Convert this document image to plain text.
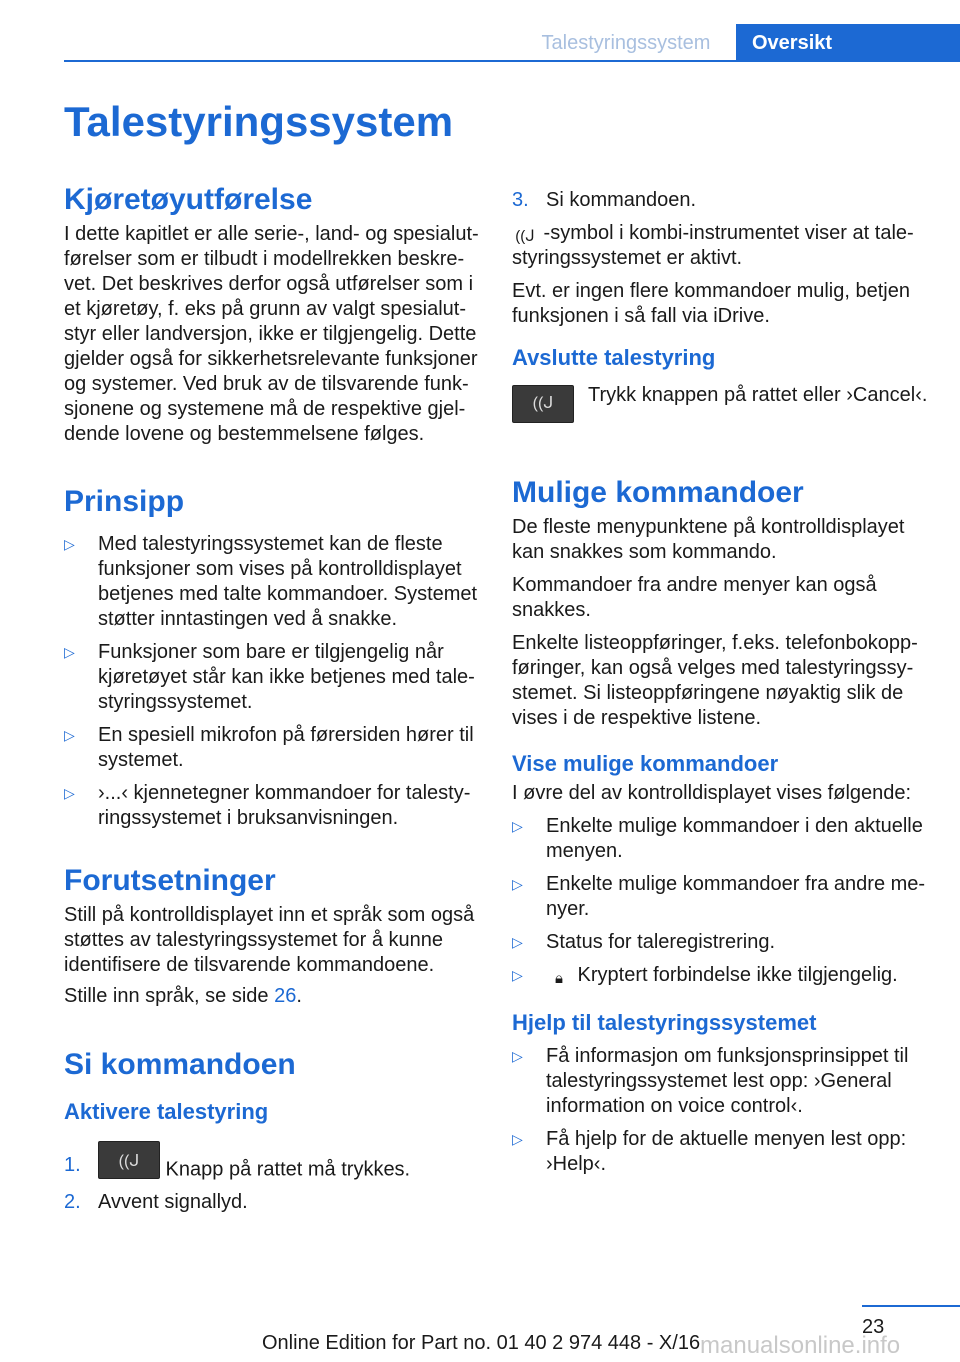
Talestyringssystem	Oversikt
Talestyringssystem
Kjøretøyutførelse

I dette kapitlet er alle serie-, land- og spesialutførelser som er tilbudt i modellrekken beskrevet. Det beskrives derfor også utførelser som i et kjøretøy, f. eks på grunn av valgt spesialutstyr eller landversjon, ikke er tilgjengelig. Dette gjelder også for sikkerhetsrelevante funksjoner og systemer. Ved bruk av de tilsvarende funksjonene og systemene må de respektive gjeldende lovene og bestemmelsene følges.

Prinsipp
▷ Med talestyringssystemet kan de fleste funksjoner som vises på kontrolldisplayet betjenes med talte kommandoer. Systemet støtter inntastingen ved å snakke.
▷ Funksjoner som bare er tilgjengelig når kjøretøyet står kan ikke betjenes med talestyringssystemet.
▷ En spesiell mikrofon på førersiden hører til systemet.
▷ ›...‹ kjennetegner kommandoer for talestyringssystemet i bruksanvisningen.
Forutsetninger

Still på kontrolldisplayet inn et språk som også støttes av talestyringssystemet for å kunne identifisere de tilsvarende kommandoene.

Stille inn språk, se side 26.

Si kommandoen
Aktivere talestyring
1.	((ᒍ	Knapp på rattet må trykkes.
2. Avvent signallyd.
3. Si kommandoen.

((ᒍ -symbol i kombi-instrumentet viser at talestyringssystemet er aktivt.

Evt. er ingen flere kommandoer mulig, betjen funksjonen i så fall via iDrive.

Avslutte talestyring
((ᒍ	Trykk knappen på rattet eller ›Cancel‹.
Mulige kommandoer

De fleste menypunktene på kontrolldisplayet kan snakkes som kommando.

Kommandoer fra andre menyer kan også snakkes.

Enkelte listeoppføringer, f.eks. telefonbokoppføringer, kan også velges med talestyringssystemet. Si listeoppføringene nøyaktig slik de vises i de respektive listene.

Vise mulige kommandoer

I øvre del av kontrolldisplayet vises følgende:

▷ Enkelte mulige kommandoer i den aktuelle menyen.
▷ Enkelte mulige kommandoer fra andre menyer.
▷ Status for taleregistrering.
▷	🔒︎ Kryptert forbindelse ikke tilgjengelig.
Hjelp til talestyringssystemet
▷ Få informasjon om funksjonsprinsippet til talestyringssystemet lest opp: ›General information on voice control‹.
▷ Få hjelp for de aktuelle menyen lest opp: ›Help‹.
23
Online Edition for Part no. 01 40 2 974 448 - X/16 manualsonline.info
